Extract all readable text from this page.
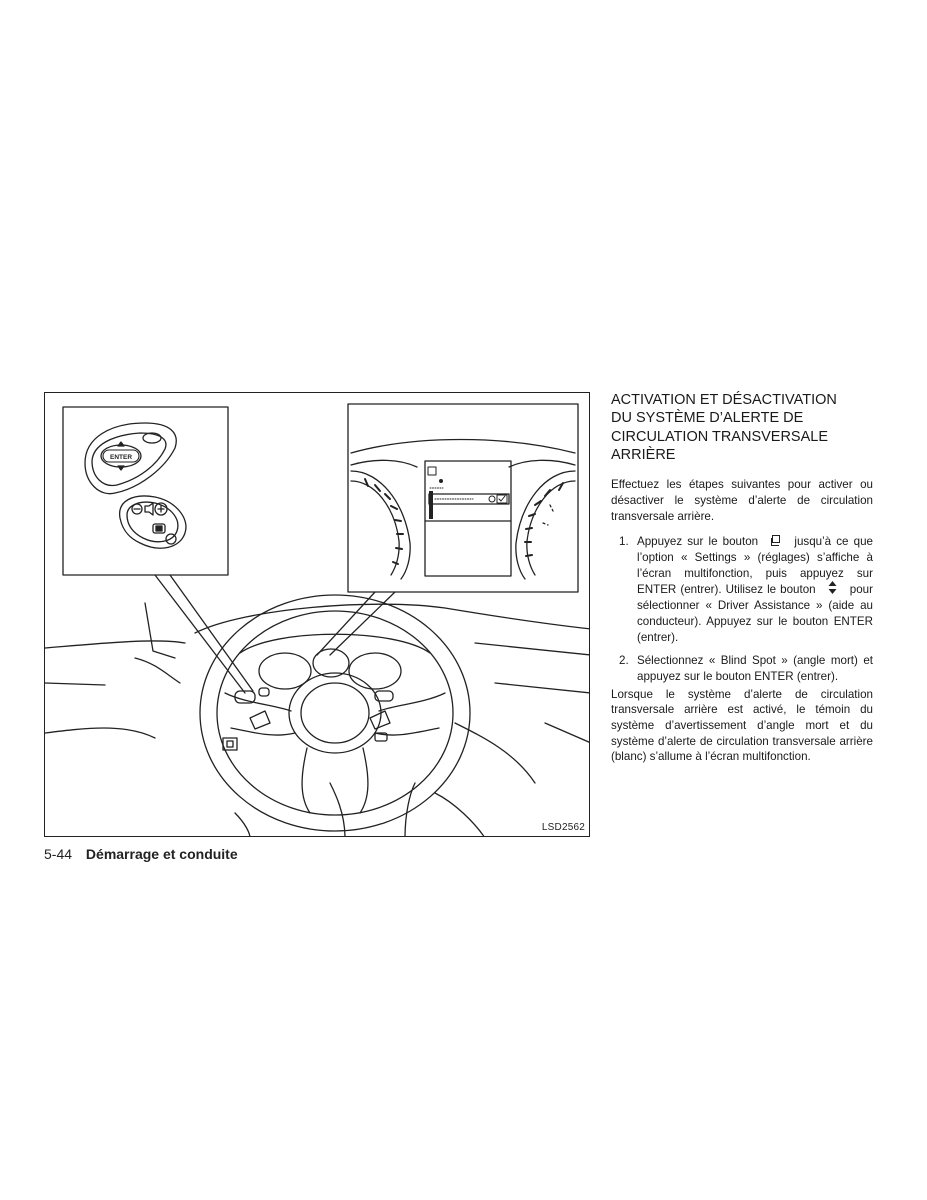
ENTER
LSD2562
5-44 Démarrage et conduite
ACTIVATION ET DÉSACTIVATION
DU SYSTÈME D’ALERTE DE
CIRCULATION TRANSVERSALE
ARRIÈRE

Effectuez les étapes suivantes pour activer ou désactiver le système d’alerte de circulation transversale arrière.

1. Appuyez sur le bouton	jusqu’à ce que l’option « Settings » (réglages) s’affiche à l’écran multifonction, puis appuyez sur ENTER (entrer). Utilisez le bouton	pour sélectionner « Driver Assistance » (aide au conducteur). Appuyez sur le bouton ENTER (entrer).
2. Sélectionnez « Blind Spot » (angle mort) et appuyez sur le bouton ENTER (entrer).

Lorsque le système d’alerte de circulation transversale arrière est activé, le témoin du système d’avertissement d’angle mort et du système d’alerte de circulation transversale arrière (blanc) s’allume à l’écran multifonction.
